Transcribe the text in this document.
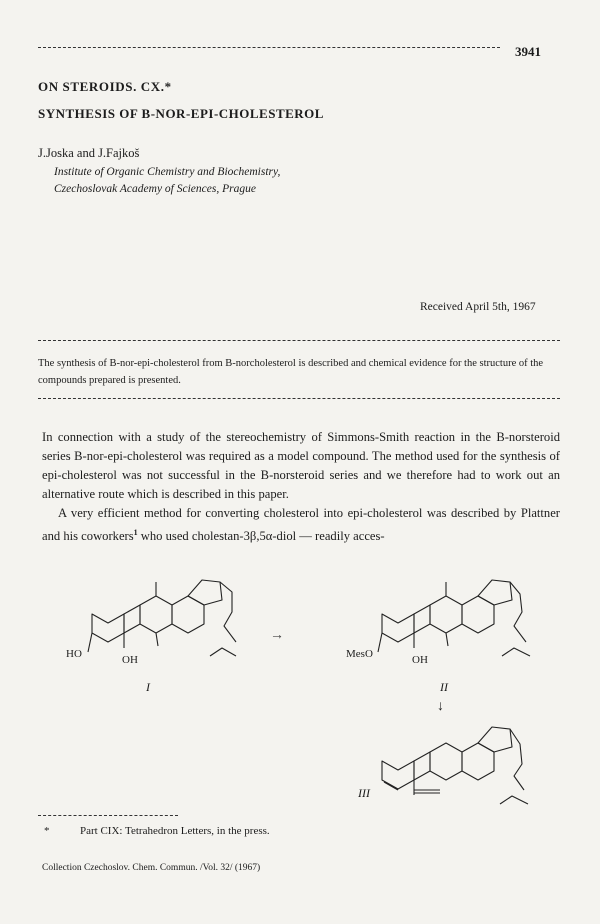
3941
ON STEROIDS. CX.*
SYNTHESIS OF B-NOR-EPI-CHOLESTEROL
J.Joska and J.Fajkoš
Institute of Organic Chemistry and Biochemistry,
Czechoslovak Academy of Sciences, Prague
Received April 5th, 1967
The synthesis of B-nor-epi-cholesterol from B-norcholesterol is described and chemical evidence for the structure of the compounds prepared is presented.

In connection with a study of the stereochemistry of Simmons-Smith reaction in the B-norsteroid series B-nor-epi-cholesterol was required as a model compound. The method used for the synthesis of epi-cholesterol was not successful in the B-norsteroid series and we therefore had to work out an alternative route which is described in this paper.

A very efficient method for converting cholesterol into epi-cholesterol was described by Plattner and his coworkers$^1$ who used cholestan-3β,5α-diol — readily acces-

HO	OH
I
→
MesO	OH
II
↓
III
*	Part CIX: Tetrahedron Letters, in the press.
Collection Czechoslov. Chem. Commun. /Vol. 32/ (1967)
